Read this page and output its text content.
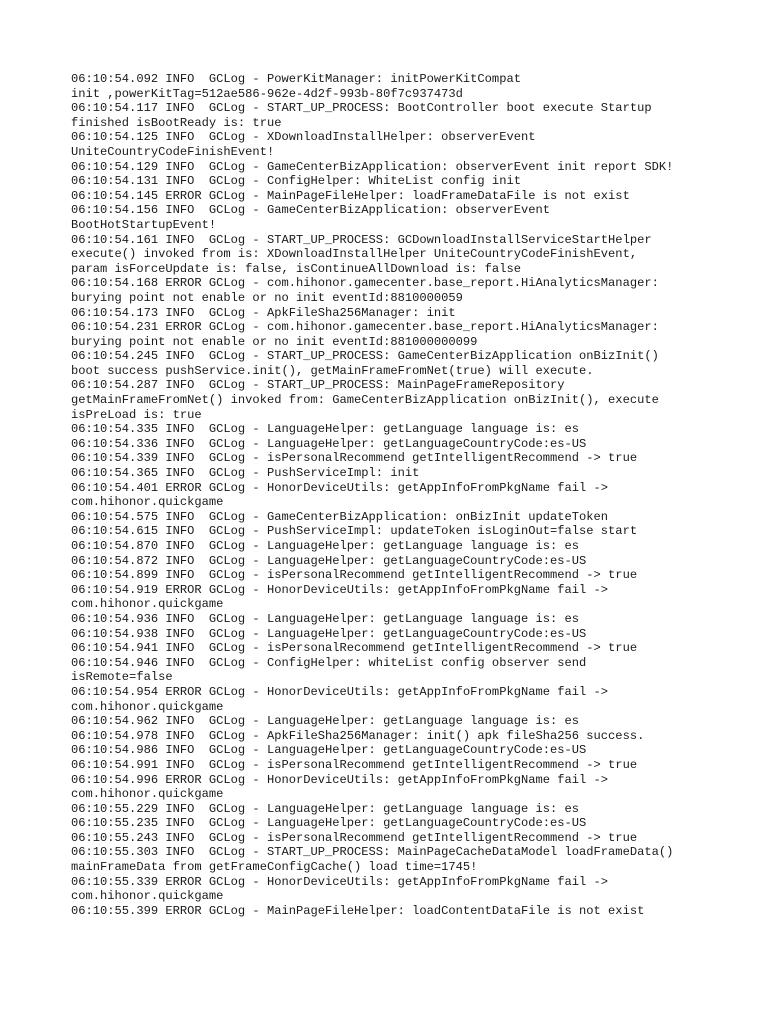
06:10:54.092 INFO  GCLog - PowerKitManager: initPowerKitCompat
init ,powerKitTag=512ae586-962e-4d2f-993b-80f7c937473d
06:10:54.117 INFO  GCLog - START_UP_PROCESS: BootController boot execute Startup
finished isBootReady is: true
06:10:54.125 INFO  GCLog - XDownloadInstallHelper: observerEvent
UniteCountryCodeFinishEvent!
06:10:54.129 INFO  GCLog - GameCenterBizApplication: observerEvent init report SDK!
06:10:54.131 INFO  GCLog - ConfigHelper: WhiteList config init
06:10:54.145 ERROR GCLog - MainPageFileHelper: loadFrameDataFile is not exist
06:10:54.156 INFO  GCLog - GameCenterBizApplication: observerEvent
BootHotStartupEvent!
06:10:54.161 INFO  GCLog - START_UP_PROCESS: GCDownloadInstallServiceStartHelper
execute() invoked from is: XDownloadInstallHelper UniteCountryCodeFinishEvent,
param isForceUpdate is: false, isContinueAllDownload is: false
06:10:54.168 ERROR GCLog - com.hihonor.gamecenter.base_report.HiAnalyticsManager:
burying point not enable or no init eventId:8810000059
06:10:54.173 INFO  GCLog - ApkFileSha256Manager: init
06:10:54.231 ERROR GCLog - com.hihonor.gamecenter.base_report.HiAnalyticsManager:
burying point not enable or no init eventId:881000000099
06:10:54.245 INFO  GCLog - START_UP_PROCESS: GameCenterBizApplication onBizInit()
boot success pushService.init(), getMainFrameFromNet(true) will execute.
06:10:54.287 INFO  GCLog - START_UP_PROCESS: MainPageFrameRepository
getMainFrameFromNet() invoked from: GameCenterBizApplication onBizInit(), execute
isPreLoad is: true
06:10:54.335 INFO  GCLog - LanguageHelper: getLanguage language is: es
06:10:54.336 INFO  GCLog - LanguageHelper: getLanguageCountryCode:es-US
06:10:54.339 INFO  GCLog - isPersonalRecommend getIntelligentRecommend -> true
06:10:54.365 INFO  GCLog - PushServiceImpl: init
06:10:54.401 ERROR GCLog - HonorDeviceUtils: getAppInfoFromPkgName fail ->
com.hihonor.quickgame
06:10:54.575 INFO  GCLog - GameCenterBizApplication: onBizInit updateToken
06:10:54.615 INFO  GCLog - PushServiceImpl: updateToken isLoginOut=false start
06:10:54.870 INFO  GCLog - LanguageHelper: getLanguage language is: es
06:10:54.872 INFO  GCLog - LanguageHelper: getLanguageCountryCode:es-US
06:10:54.899 INFO  GCLog - isPersonalRecommend getIntelligentRecommend -> true
06:10:54.919 ERROR GCLog - HonorDeviceUtils: getAppInfoFromPkgName fail ->
com.hihonor.quickgame
06:10:54.936 INFO  GCLog - LanguageHelper: getLanguage language is: es
06:10:54.938 INFO  GCLog - LanguageHelper: getLanguageCountryCode:es-US
06:10:54.941 INFO  GCLog - isPersonalRecommend getIntelligentRecommend -> true
06:10:54.946 INFO  GCLog - ConfigHelper: whiteList config observer send
isRemote=false
06:10:54.954 ERROR GCLog - HonorDeviceUtils: getAppInfoFromPkgName fail ->
com.hihonor.quickgame
06:10:54.962 INFO  GCLog - LanguageHelper: getLanguage language is: es
06:10:54.978 INFO  GCLog - ApkFileSha256Manager: init() apk fileSha256 success.
06:10:54.986 INFO  GCLog - LanguageHelper: getLanguageCountryCode:es-US
06:10:54.991 INFO  GCLog - isPersonalRecommend getIntelligentRecommend -> true
06:10:54.996 ERROR GCLog - HonorDeviceUtils: getAppInfoFromPkgName fail ->
com.hihonor.quickgame
06:10:55.229 INFO  GCLog - LanguageHelper: getLanguage language is: es
06:10:55.235 INFO  GCLog - LanguageHelper: getLanguageCountryCode:es-US
06:10:55.243 INFO  GCLog - isPersonalRecommend getIntelligentRecommend -> true
06:10:55.303 INFO  GCLog - START_UP_PROCESS: MainPageCacheDataModel loadFrameData()
mainFrameData from getFrameConfigCache() load time=1745!
06:10:55.339 ERROR GCLog - HonorDeviceUtils: getAppInfoFromPkgName fail ->
com.hihonor.quickgame
06:10:55.399 ERROR GCLog - MainPageFileHelper: loadContentDataFile is not exist
